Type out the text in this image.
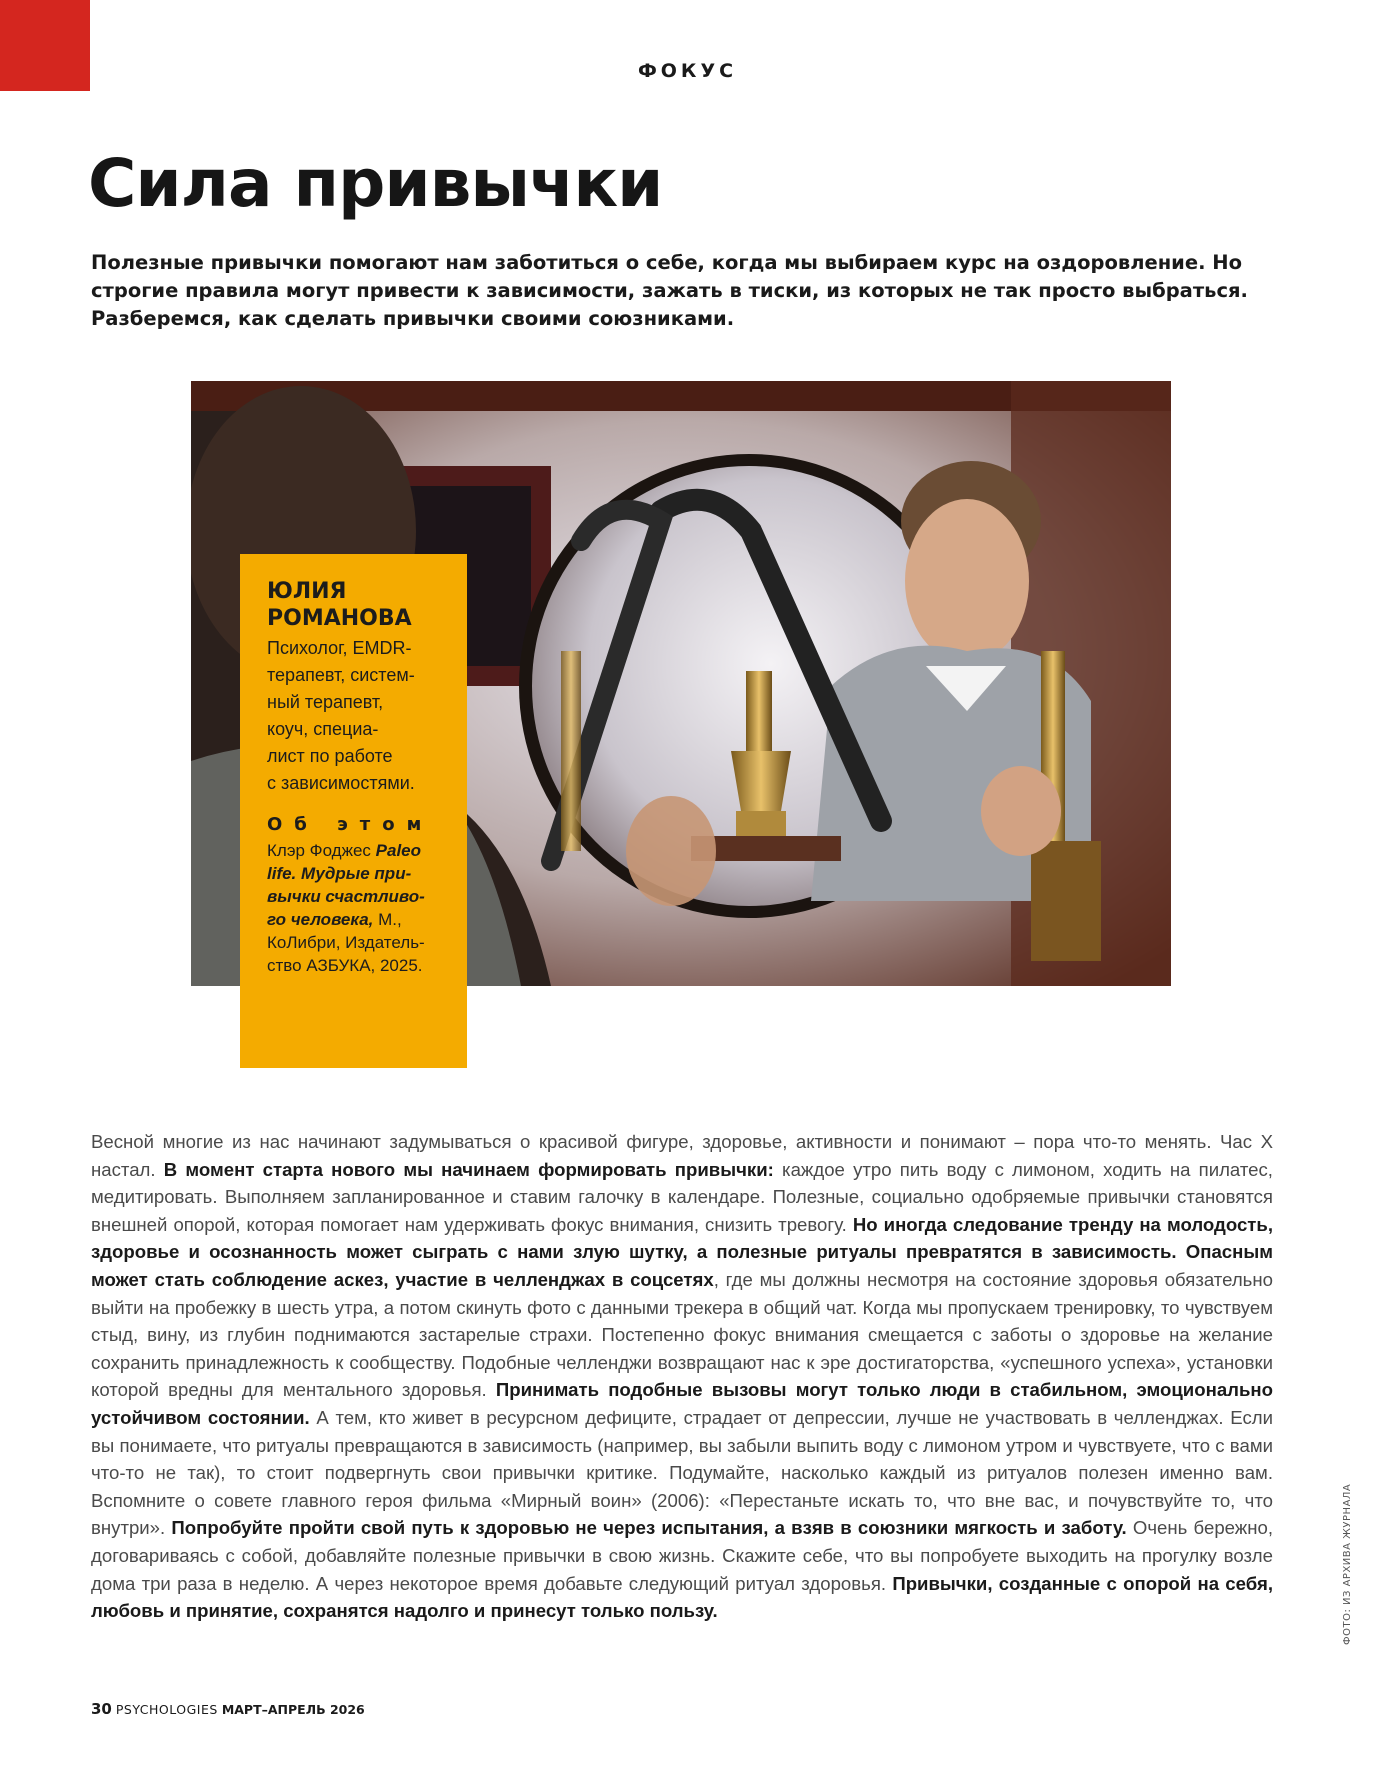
ФОКУС
Сила привычки

Полезные привычки помогают нам заботиться о себе, когда мы выбираем курс на оздоровление. Но строгие правила могут привести к зависимости, зажать в тиски, из которых не так просто выбраться. Разберемся, как сделать привычки своими союзниками.

ЮЛИЯ
РОМАНОВА
Психолог, EMDR-
терапевт, систем-
ный терапевт,
коуч, специа-
лист по работе
с зависимостями.
Об этом
Клэр Фоджес Paleo
life. Мудрые при-
вычки счастливо-
го человека, М.,
КоЛибри, Издатель-
ство АЗБУКА, 2025.

Весной многие из нас начинают задумываться о красивой фигуре, здоровье, активности и понимают – пора что-то менять. Час Х настал. В момент старта нового мы начинаем формировать привычки: каждое утро пить воду с лимоном, ходить на пилатес, медитировать. Выполняем запланированное и ставим галочку в календаре. Полезные, социально одобряемые привычки становятся внешней опорой, которая помогает нам удерживать фокус внимания, снизить тревогу. Но иногда следование тренду на молодость, здоровье и осознанность может сыграть с нами злую шутку, а полезные ритуалы превратятся в зависимость. Опасным может стать соблюдение аскез, участие в челленджах в соцсетях, где мы должны несмотря на состояние здоровья обязательно выйти на пробежку в шесть утра, а потом скинуть фото с данными трекера в общий чат. Когда мы пропускаем тренировку, то чувствуем стыд, вину, из глубин поднимаются застарелые страхи. Постепенно фокус внимания смещается с заботы о здоровье на желание сохранить принадлежность к сообществу. Подобные челленджи возвращают нас к эре достигаторства, «успешного успеха», установки которой вредны для ментального здоровья. Принимать подобные вызовы могут только люди в стабильном, эмоционально устойчивом состоянии. А тем, кто живет в ресурсном дефиците, страдает от депрессии, лучше не участвовать в челленджах. Если вы понимаете, что ритуалы превращаются в зависимость (например, вы забыли выпить воду с лимоном утром и чувствуете, что с вами что-то не так), то стоит подвергнуть свои привычки критике. Подумайте, насколько каждый из ритуалов полезен именно вам. Вспомните о совете главного героя фильма «Мирный воин» (2006): «Перестаньте искать то, что вне вас, и почувствуйте то, что внутри». Попробуйте пройти свой путь к здоровью не через испытания, а взяв в союзники мягкость и заботу. Очень бережно, договариваясь с собой, добавляйте полезные привычки в свою жизнь. Скажите себе, что вы попробуете выходить на прогулку возле дома три раза в неделю. А через некоторое время добавьте следующий ритуал здоровья. Привычки, созданные с опорой на себя, любовь и принятие, сохранятся надолго и принесут только пользу.

30 PSYCHOLOGIES МАРТ–АПРЕЛЬ 2026
ФОТО: ИЗ АРХИВА ЖУРНАЛА
